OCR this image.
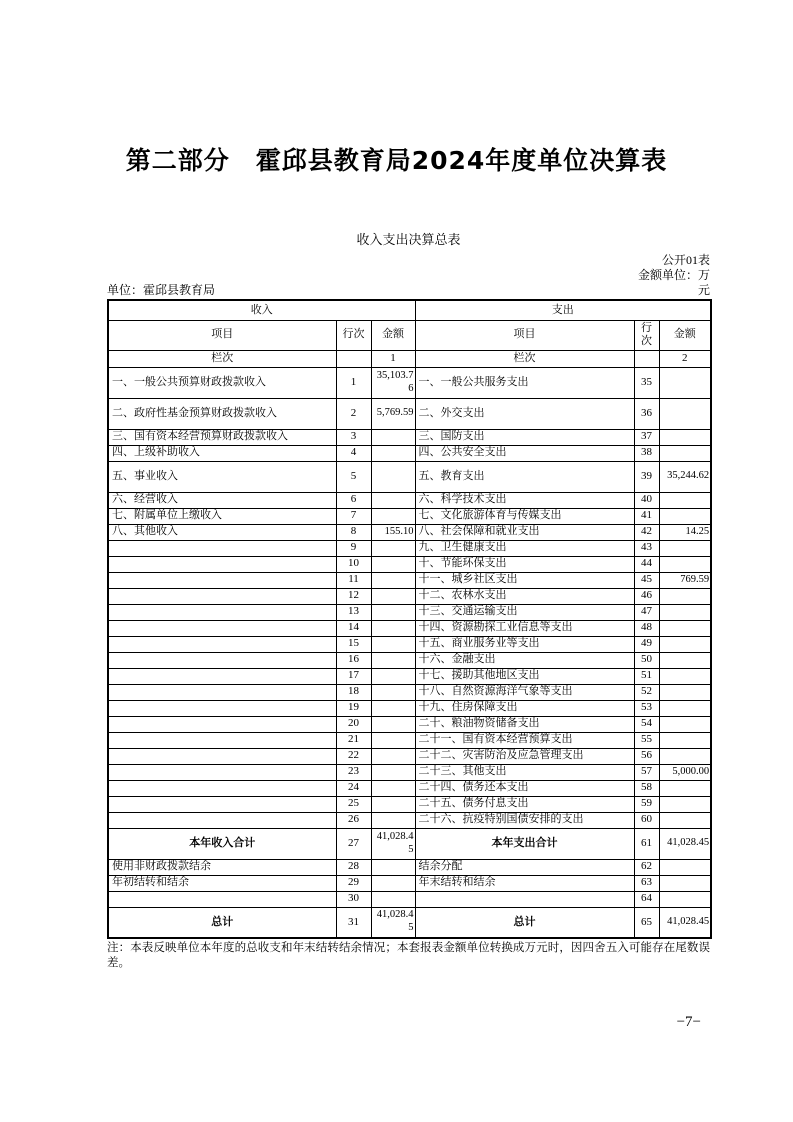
第二部分　霍邱县教育局2024年度单位决算表
收入支出决算总表
公开01表
金额单位：万
单位：霍邱县教育局	元
收入			支出		
项目	行次	金额	项目	行次	金额
栏次		1	栏次		2
一、一般公共预算财政拨款收入	1	35,103.76	一、一般公共服务支出	35	
二、政府性基金预算财政拨款收入	2	5,769.59	二、外交支出	36	
三、国有资本经营预算财政拨款收入	3		三、国防支出	37	
四、上级补助收入	4		四、公共安全支出	38	
五、事业收入	5		五、教育支出	39	35,244.62
六、经营收入	6		六、科学技术支出	40	
七、附属单位上缴收入	7		七、文化旅游体育与传媒支出	41	
八、其他收入	8	155.10	八、社会保障和就业支出	42	14.25
	9		九、卫生健康支出	43	
	10		十、节能环保支出	44	
	11		十一、城乡社区支出	45	769.59
	12		十二、农林水支出	46	
	13		十三、交通运输支出	47	
	14		十四、资源勘探工业信息等支出	48	
	15		十五、商业服务业等支出	49	
	16		十六、金融支出	50	
	17		十七、援助其他地区支出	51	
	18		十八、自然资源海洋气象等支出	52	
	19		十九、住房保障支出	53	
	20		二十、粮油物资储备支出	54	
	21		二十一、国有资本经营预算支出	55	
	22		二十二、灾害防治及应急管理支出	56	
	23		二十三、其他支出	57	5,000.00
	24		二十四、债务还本支出	58	
	25		二十五、债务付息支出	59	
	26		二十六、抗疫特别国债安排的支出	60	
本年收入合计	27	41,028.45	本年支出合计	61	41,028.45
使用非财政拨款结余	28		结余分配	62	
年初结转和结余	29		年末结转和结余	63	
	30			64	
总计	31	41,028.45	总计	65	41,028.45
注：本表反映单位本年度的总收支和年末结转结余情况；本套报表金额单位转换成万元时，因四舍五入可能存在尾数误差。
−7−
